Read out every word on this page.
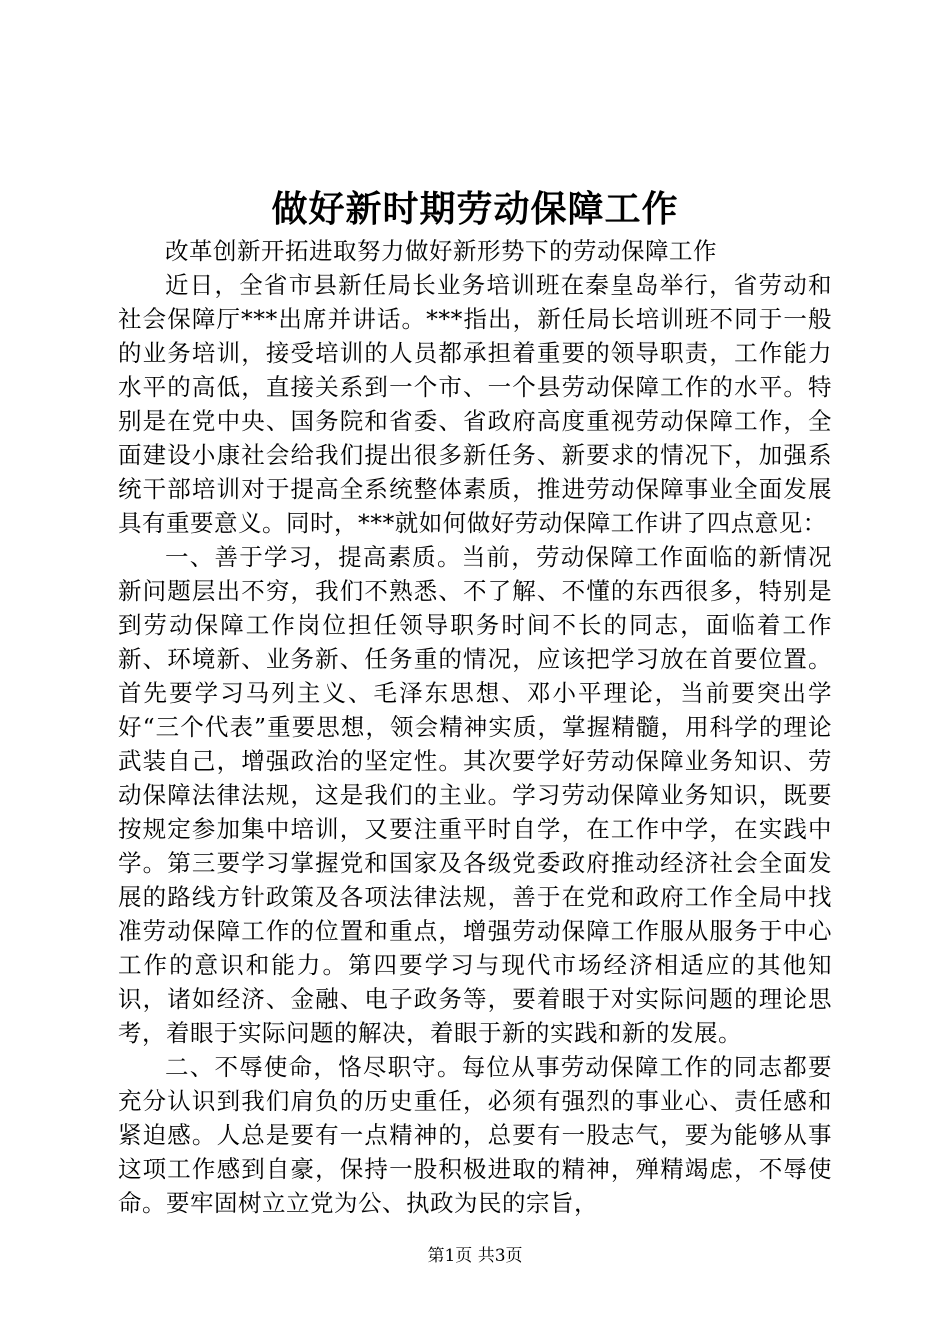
做好新时期劳动保障工作

改革创新开拓进取努力做好新形势下的劳动保障工作

近日，全省市县新任局长业务培训班在秦皇岛举行，省劳动和社会保障厅***出席并讲话。***指出，新任局长培训班不同于一般的业务培训，接受培训的人员都承担着重要的领导职责，工作能力水平的高低，直接关系到一个市、一个县劳动保障工作的水平。特别是在党中央、国务院和省委、省政府高度重视劳动保障工作，全面建设小康社会给我们提出很多新任务、新要求的情况下，加强系统干部培训对于提高全系统整体素质，推进劳动保障事业全面发展具有重要意义。同时，***就如何做好劳动保障工作讲了四点意见：

一、善于学习，提高素质。当前，劳动保障工作面临的新情况新问题层出不穷，我们不熟悉、不了解、不懂的东西很多，特别是到劳动保障工作岗位担任领导职务时间不长的同志，面临着工作新、环境新、业务新、任务重的情况，应该把学习放在首要位置。首先要学习马列主义、毛泽东思想、邓小平理论，当前要突出学好“三个代表”重要思想，领会精神实质，掌握精髓，用科学的理论武装自己，增强政治的坚定性。其次要学好劳动保障业务知识、劳动保障法律法规，这是我们的主业。学习劳动保障业务知识，既要按规定参加集中培训，又要注重平时自学，在工作中学，在实践中学。第三要学习掌握党和国家及各级党委政府推动经济社会全面发展的路线方针政策及各项法律法规，善于在党和政府工作全局中找准劳动保障工作的位置和重点，增强劳动保障工作服从服务于中心工作的意识和能力。第四要学习与现代市场经济相适应的其他知识，诸如经济、金融、电子政务等，要着眼于对实际问题的理论思考，着眼于实际问题的解决，着眼于新的实践和新的发展。

二、不辱使命，恪尽职守。每位从事劳动保障工作的同志都要充分认识到我们肩负的历史重任，必须有强烈的事业心、责任感和紧迫感。人总是要有一点精神的，总要有一股志气，要为能够从事这项工作感到自豪，保持一股积极进取的精神，殚精竭虑，不辱使命。要牢固树立立党为公、执政为民的宗旨，

第1页 共3页
